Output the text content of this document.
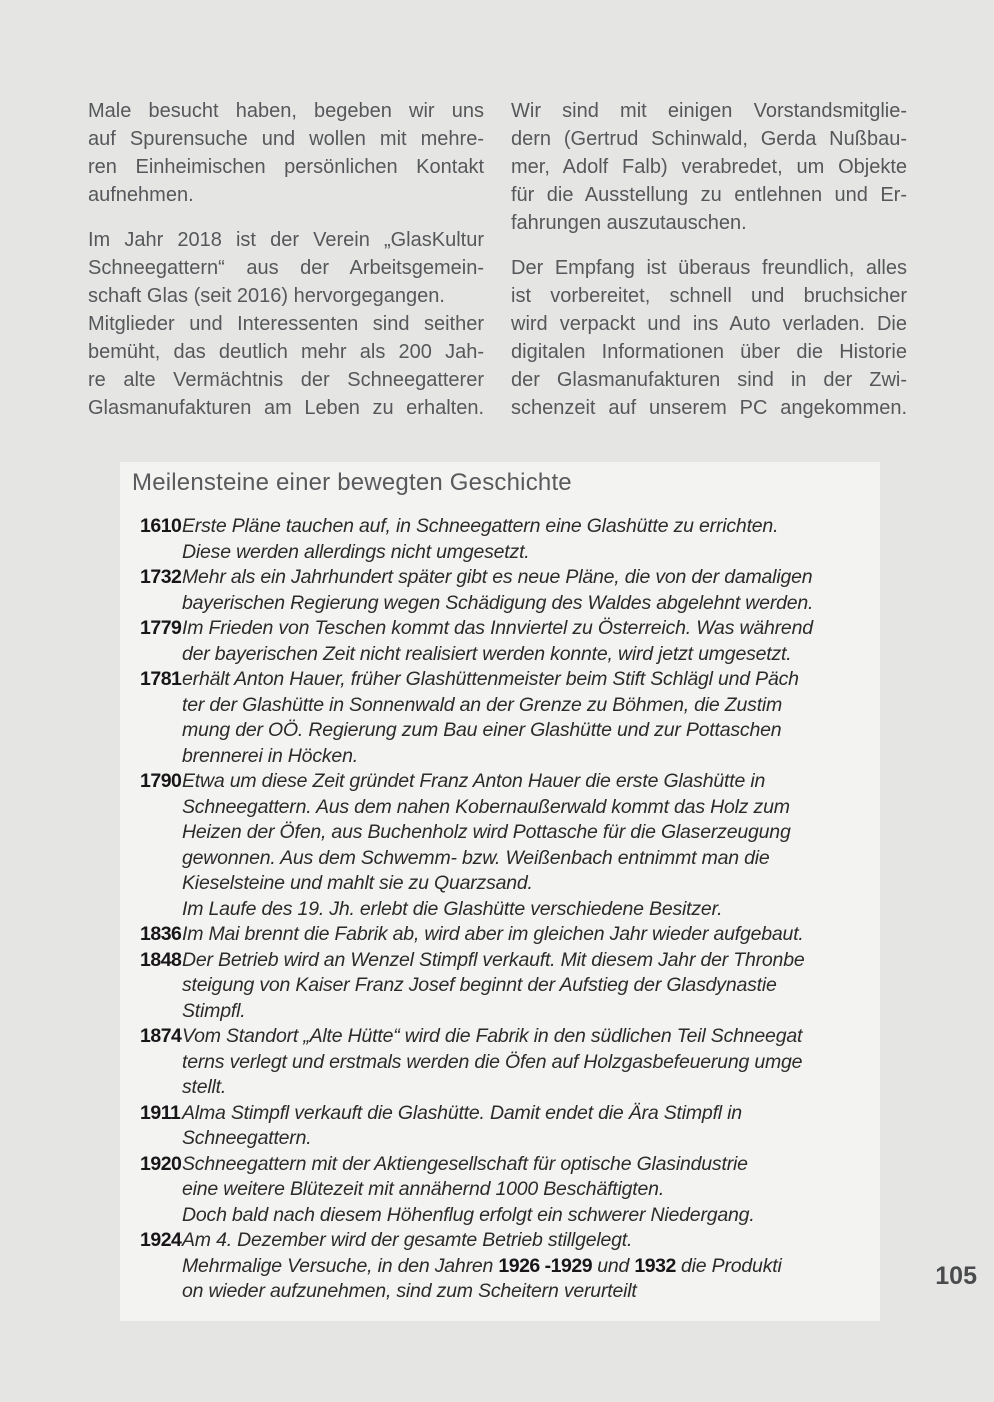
Male besucht haben, begeben wir uns
auf Spurensuche und wollen mit mehre-
ren Einheimischen persönlichen Kontakt
aufnehmen.
Im Jahr 2018 ist der Verein „GlasKultur
Schneegattern“ aus der Arbeitsgemein-
schaft Glas (seit 2016) hervorgegangen.
Mitglieder und Interessenten sind seither
bemüht, das deutlich mehr als 200 Jah-
re alte Vermächtnis der Schneegatterer
Glasmanufakturen am Leben zu erhalten.
Wir sind mit einigen Vorstandsmitglie-
dern (Gertrud Schinwald, Gerda Nußbau-
mer, Adolf Falb) verabredet, um Objekte
für die Ausstellung zu entlehnen und Er-
fahrungen auszutauschen.
Der Empfang ist überaus freundlich, alles
ist vorbereitet, schnell und bruchsicher
wird verpackt und ins Auto verladen. Die
digitalen Informationen über die Historie
der Glasmanufakturen sind in der Zwi-
schenzeit auf unserem PC angekommen.
Meilensteine einer bewegten Geschichte
1610 Erste Pläne tauchen auf, in Schneegattern eine Glashütte zu errichten.
Diese werden allerdings nicht umgesetzt.
1732 Mehr als ein Jahrhundert später gibt es neue Pläne, die von der damaligen
bayerischen Regierung wegen Schädigung des Waldes abgelehnt werden.
1779 Im Frieden von Teschen kommt das Innviertel zu Österreich. Was während
der bayerischen Zeit nicht realisiert werden konnte, wird jetzt umgesetzt.
1781 erhält Anton Hauer, früher Glashüttenmeister beim Stift Schlägl und Päch
ter der Glashütte in Sonnenwald an der Grenze zu Böhmen, die Zustim
mung der OÖ. Regierung zum Bau einer Glashütte und zur Pottaschen
brennerei in Höcken.
1790 Etwa um diese Zeit gründet Franz Anton Hauer die erste Glashütte in
Schneegattern. Aus dem nahen Kobernaußerwald kommt das Holz zum
Heizen der Öfen, aus Buchenholz wird Pottasche für die Glaserzeugung
gewonnen. Aus dem Schwemm- bzw. Weißenbach entnimmt man die
Kieselsteine und mahlt sie zu Quarzsand.
Im Laufe des 19. Jh. erlebt die Glashütte verschiedene Besitzer.
1836 Im Mai brennt die Fabrik ab, wird aber im gleichen Jahr wieder aufgebaut.
1848 Der Betrieb wird an Wenzel Stimpfl verkauft. Mit diesem Jahr der Thronbe
steigung von Kaiser Franz Josef beginnt der Aufstieg der Glasdynastie
Stimpfl.
1874 Vom Standort „Alte Hütte“ wird die Fabrik in den südlichen Teil Schneegat
terns verlegt und erstmals werden die Öfen auf Holzgasbefeuerung umge
stellt.
1911 Alma Stimpfl verkauft die Glashütte. Damit endet die Ära Stimpfl in
Schneegattern.
1920 Schneegattern mit der Aktiengesellschaft für optische Glasindustrie
eine weitere Blütezeit mit annähernd 1000 Beschäftigten.
Doch bald nach diesem Höhenflug erfolgt ein schwerer Niedergang.
1924 Am 4. Dezember wird der gesamte Betrieb stillgelegt.
Mehrmalige Versuche, in den Jahren 1926 -1929 und 1932 die Produkti
on wieder aufzunehmen, sind zum Scheitern verurteilt
105
